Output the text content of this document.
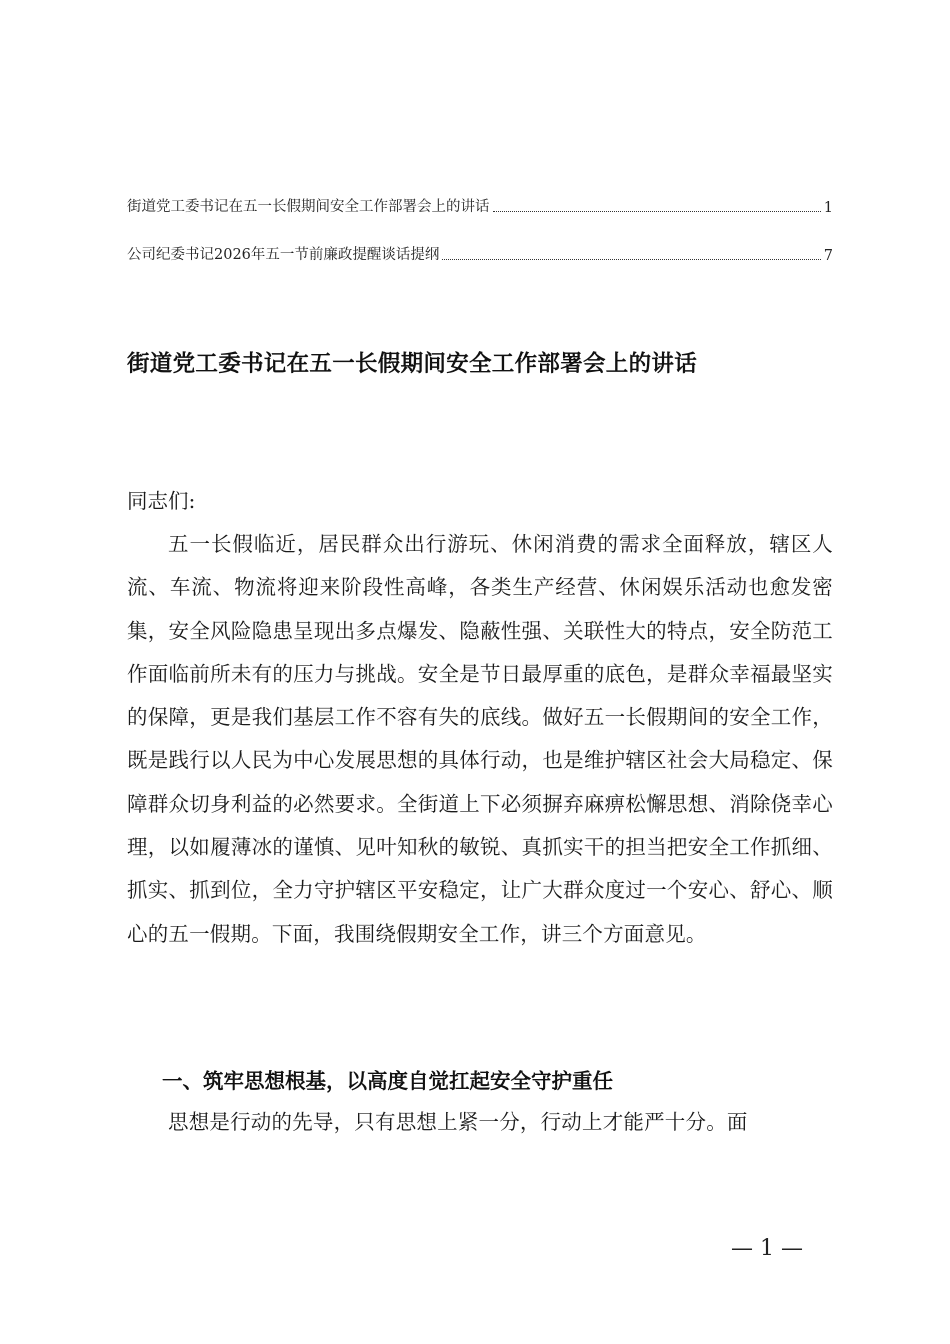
街道党工委书记在五一长假期间安全工作部署会上的讲话	1
公司纪委书记2026年五一节前廉政提醒谈话提纲	7
街道党工委书记在五一长假期间安全工作部署会上的讲话
同志们:

五一长假临近，居民群众出行游玩、休闲消费的需求全面释放，辖区人流、车流、物流将迎来阶段性高峰，各类生产经营、休闲娱乐活动也愈发密集，安全风险隐患呈现出多点爆发、隐蔽性强、关联性大的特点，安全防范工作面临前所未有的压力与挑战。安全是节日最厚重的底色，是群众幸福最坚实的保障，更是我们基层工作不容有失的底线。做好五一长假期间的安全工作，既是践行以人民为中心发展思想的具体行动，也是维护辖区社会大局稳定、保障群众切身利益的必然要求。全街道上下必须摒弃麻痹松懈思想、消除侥幸心理，以如履薄冰的谨慎、见叶知秋的敏锐、真抓实干的担当把安全工作抓细、抓实、抓到位，全力守护辖区平安稳定，让广大群众度过一个安心、舒心、顺心的五一假期。下面，我围绕假期安全工作，讲三个方面意见。

一、筑牢思想根基，以高度自觉扛起安全守护重任

思想是行动的先导，只有思想上紧一分，行动上才能严十分。面

— 1 —
